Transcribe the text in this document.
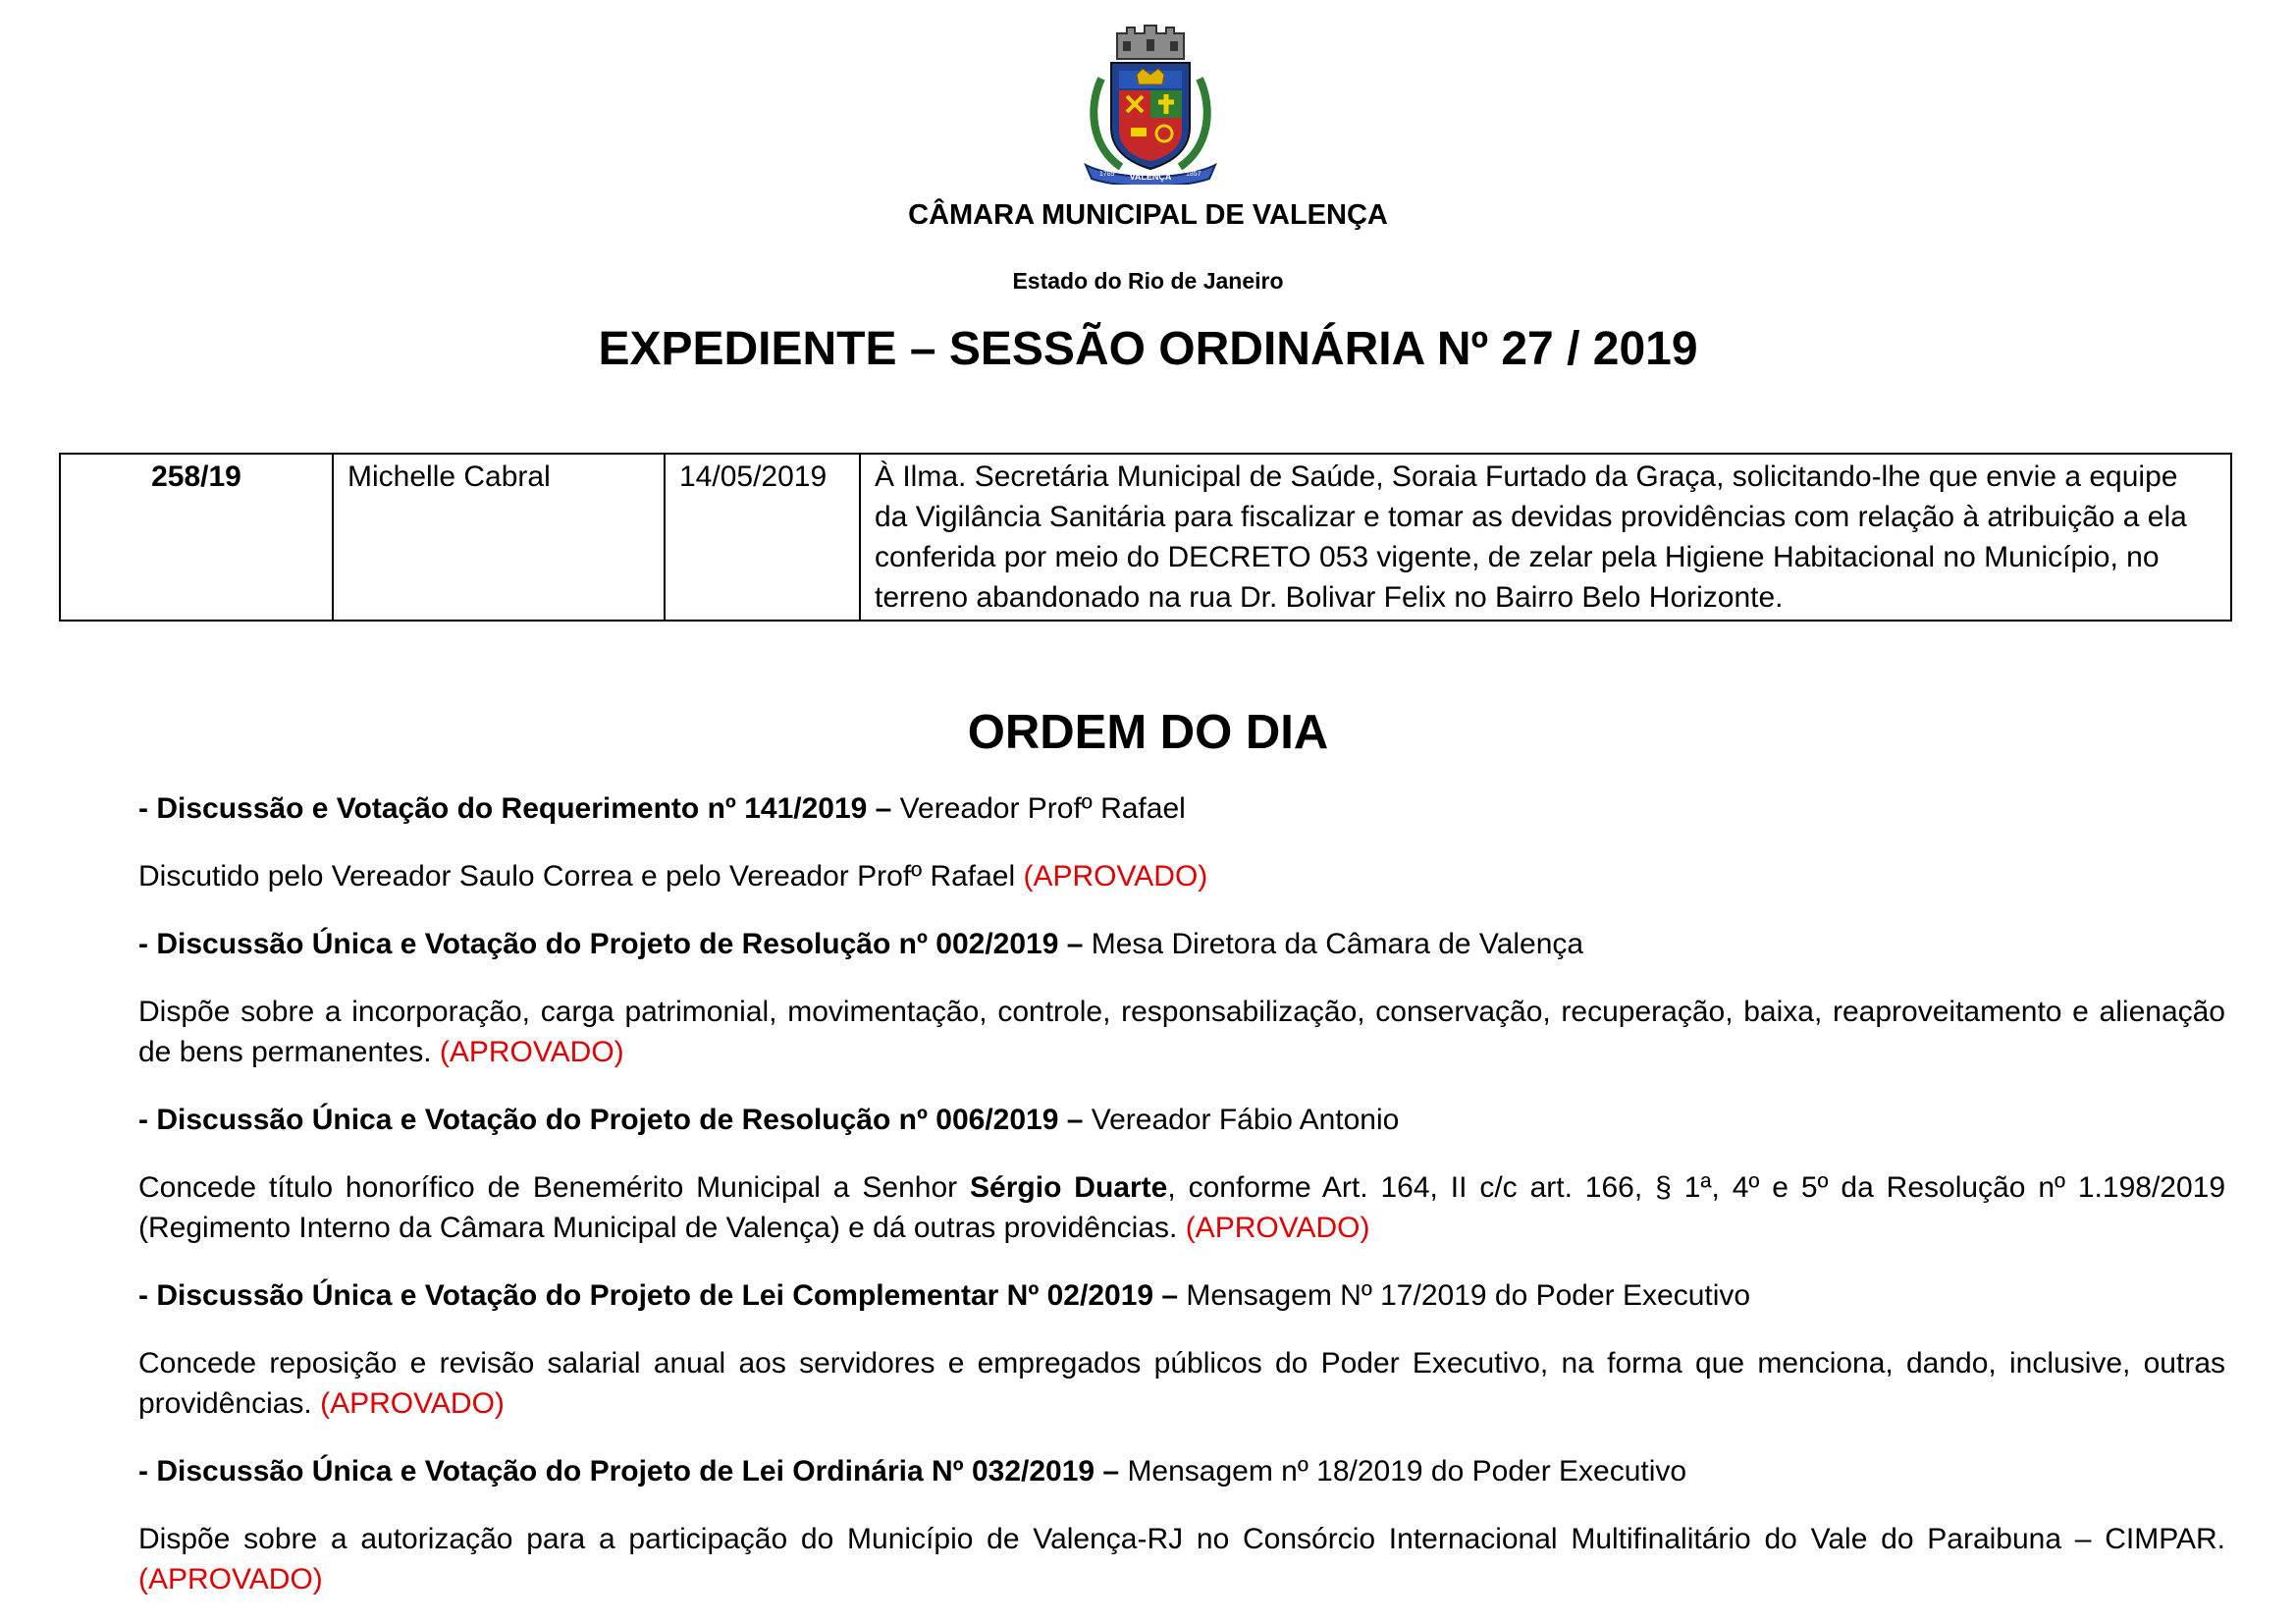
1789 VALENÇA 1857
CÂMARA MUNICIPAL DE VALENÇA
Estado do Rio de Janeiro
EXPEDIENTE – SESSÃO ORDINÁRIA Nº 27 / 2019
258/19	Michelle Cabral	14/05/2019	À Ilma. Secretária Municipal de Saúde, Soraia Furtado da Graça, solicitando-lhe que envie a equipe da Vigilância Sanitária para fiscalizar e tomar as devidas providências com relação à atribuição a ela conferida por meio do DECRETO 053 vigente, de zelar pela Higiene Habitacional no Município, no terreno abandonado na rua Dr. Bolivar Felix no Bairro Belo Horizonte.
ORDEM DO DIA

- Discussão e Votação do Requerimento nº 141/2019 – Vereador Profº Rafael

Discutido pelo Vereador Saulo Correa e pelo Vereador Profº Rafael (APROVADO)

- Discussão Única e Votação do Projeto de Resolução nº 002/2019 – Mesa Diretora da Câmara de Valença

Dispõe sobre a incorporação, carga patrimonial, movimentação, controle, responsabilização, conservação, recuperação, baixa, reaproveitamento e alienação de bens permanentes. (APROVADO)

- Discussão Única e Votação do Projeto de Resolução nº 006/2019 – Vereador Fábio Antonio

Concede título honorífico de Benemérito Municipal a Senhor Sérgio Duarte, conforme Art. 164, II c/c art. 166, § 1ª, 4º e 5º da Resolução nº 1.198/2019 (Regimento Interno da Câmara Municipal de Valença) e dá outras providências. (APROVADO)

- Discussão Única e Votação do Projeto de Lei Complementar Nº 02/2019 – Mensagem Nº 17/2019 do Poder Executivo

Concede reposição e revisão salarial anual aos servidores e empregados públicos do Poder Executivo, na forma que menciona, dando, inclusive, outras providências. (APROVADO)

- Discussão Única e Votação do Projeto de Lei Ordinária Nº 032/2019 – Mensagem nº 18/2019 do Poder Executivo

Dispõe sobre a autorização para a participação do Município de Valença-RJ no Consórcio Internacional Multifinalitário do Vale do Paraibuna – CIMPAR. (APROVADO)
